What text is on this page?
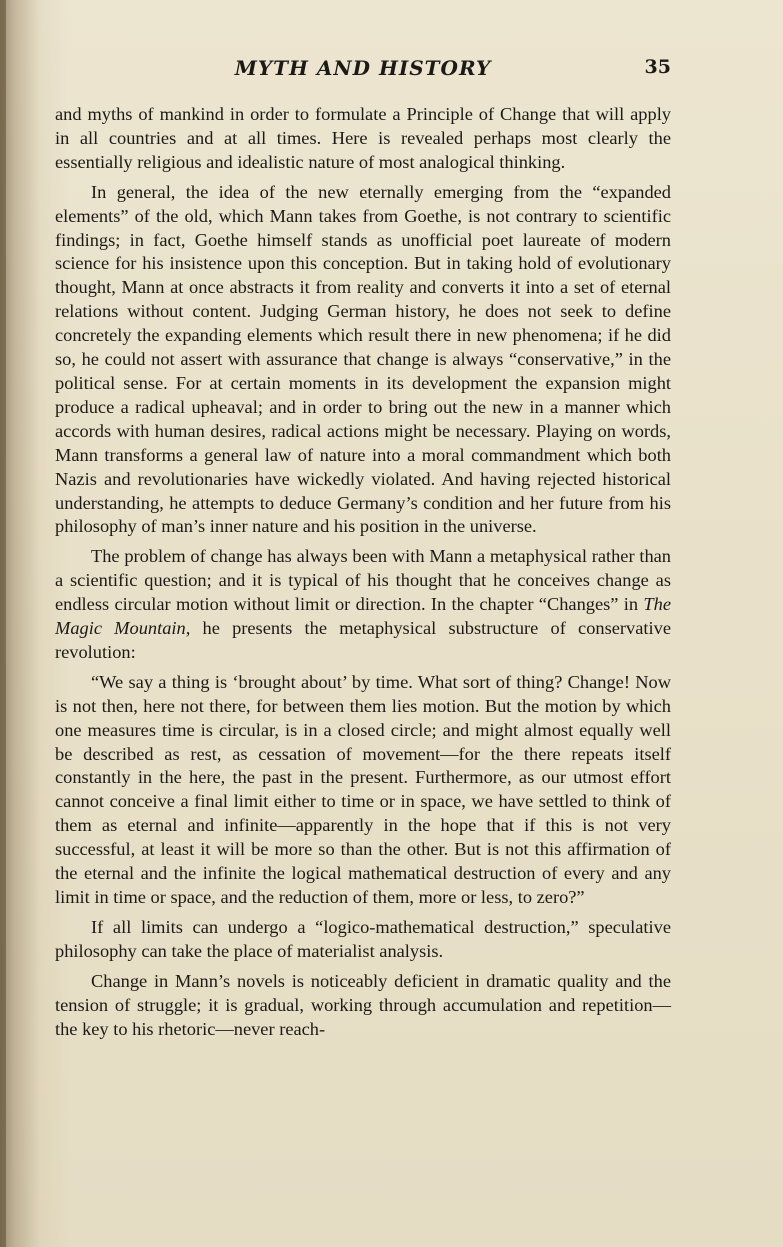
MYTH AND HISTORY	35

and myths of mankind in order to formulate a Principle of Change that will apply in all countries and at all times. Here is revealed perhaps most clearly the essentially religious and idealistic nature of most analogical thinking.

In general, the idea of the new eternally emerging from the “expanded elements” of the old, which Mann takes from Goethe, is not contrary to scientific findings; in fact, Goethe himself stands as unofficial poet laureate of modern science for his insistence upon this conception. But in taking hold of evolutionary thought, Mann at once abstracts it from reality and converts it into a set of eternal relations without content. Judging German history, he does not seek to define concretely the expanding elements which result there in new phenomena; if he did so, he could not assert with assurance that change is always “conservative,” in the political sense. For at certain moments in its development the expansion might produce a radical upheaval; and in order to bring out the new in a manner which accords with human desires, radical actions might be necessary. Playing on words, Mann transforms a general law of nature into a moral commandment which both Nazis and revolutionaries have wickedly violated. And having rejected historical understanding, he attempts to deduce Germany’s condition and her future from his philosophy of man’s inner nature and his position in the universe.

The problem of change has always been with Mann a metaphysical rather than a scientific question; and it is typical of his thought that he conceives change as endless circular motion without limit or direction. In the chapter “Changes” in The Magic Mountain, he presents the metaphysical substructure of conservative revolution:

“We say a thing is ‘brought about’ by time. What sort of thing? Change! Now is not then, here not there, for between them lies motion. But the motion by which one measures time is circular, is in a closed circle; and might almost equally well be described as rest, as cessation of movement—for the there repeats itself constantly in the here, the past in the present. Furthermore, as our utmost effort cannot conceive a final limit either to time or in space, we have settled to think of them as eternal and infinite—apparently in the hope that if this is not very successful, at least it will be more so than the other. But is not this affirmation of the eternal and the infinite the logical mathematical destruction of every and any limit in time or space, and the reduction of them, more or less, to zero?”

If all limits can undergo a “logico-mathematical destruction,” speculative philosophy can take the place of materialist analysis.

Change in Mann’s novels is noticeably deficient in dramatic quality and the tension of struggle; it is gradual, working through accumulation and repetition—the key to his rhetoric—never reach-
